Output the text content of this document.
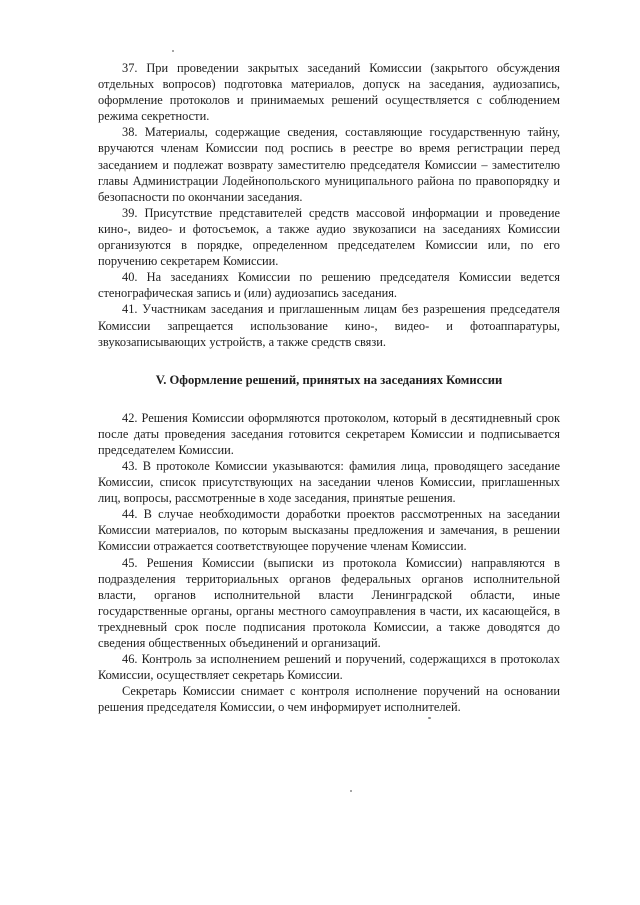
37. При проведении закрытых заседаний Комиссии (закрытого обсуждения отдельных вопросов) подготовка материалов, допуск на заседания, аудиозапись, оформление протоколов и принимаемых решений осуществляется с соблюдением режима секретности.

38. Материалы, содержащие сведения, составляющие государственную тайну, вручаются членам Комиссии под роспись в реестре во время регистрации перед заседанием и подлежат возврату заместителю председателя Комиссии – заместителю главы Администрации Лодейнопольского муниципального района по правопорядку и безопасности по окончании заседания.

39. Присутствие представителей средств массовой информации и проведение кино-, видео- и фотосъемок, а также аудио звукозаписи на заседаниях Комиссии организуются в порядке, определенном председателем Комиссии или, по его поручению секретарем Комиссии.

40. На заседаниях Комиссии по решению председателя Комиссии ведется стенографическая запись и (или) аудиозапись заседания.

41. Участникам заседания и приглашенным лицам без разрешения председателя Комиссии запрещается использование кино-, видео- и фотоаппаратуры, звукозаписывающих устройств, а также средств связи.

V. Оформление решений, принятых на заседаниях Комиссии

42. Решения Комиссии оформляются протоколом, который в десятидневный срок после даты проведения заседания готовится секретарем Комиссии и подписывается председателем Комиссии.

43. В протоколе Комиссии указываются: фамилия лица, проводящего заседание Комиссии, список присутствующих на заседании членов Комиссии, приглашенных лиц, вопросы, рассмотренные в ходе заседания, принятые решения.

44. В случае необходимости доработки проектов рассмотренных на заседании Комиссии материалов, по которым высказаны предложения и замечания, в решении Комиссии отражается соответствующее поручение членам Комиссии.

45. Решения Комиссии (выписки из протокола Комиссии) направляются в подразделения территориальных органов федеральных органов исполнительной власти, органов исполнительной власти Ленинградской области, иные государственные органы, органы местного самоуправления в части, их касающейся, в трехдневный срок после подписания протокола Комиссии, а также доводятся до сведения общественных объединений и организаций.

46. Контроль за исполнением решений и поручений, содержащихся в протоколах Комиссии, осуществляет секретарь Комиссии.

Секретарь Комиссии снимает с контроля исполнение поручений на основании решения председателя Комиссии, о чем информирует исполнителей.
